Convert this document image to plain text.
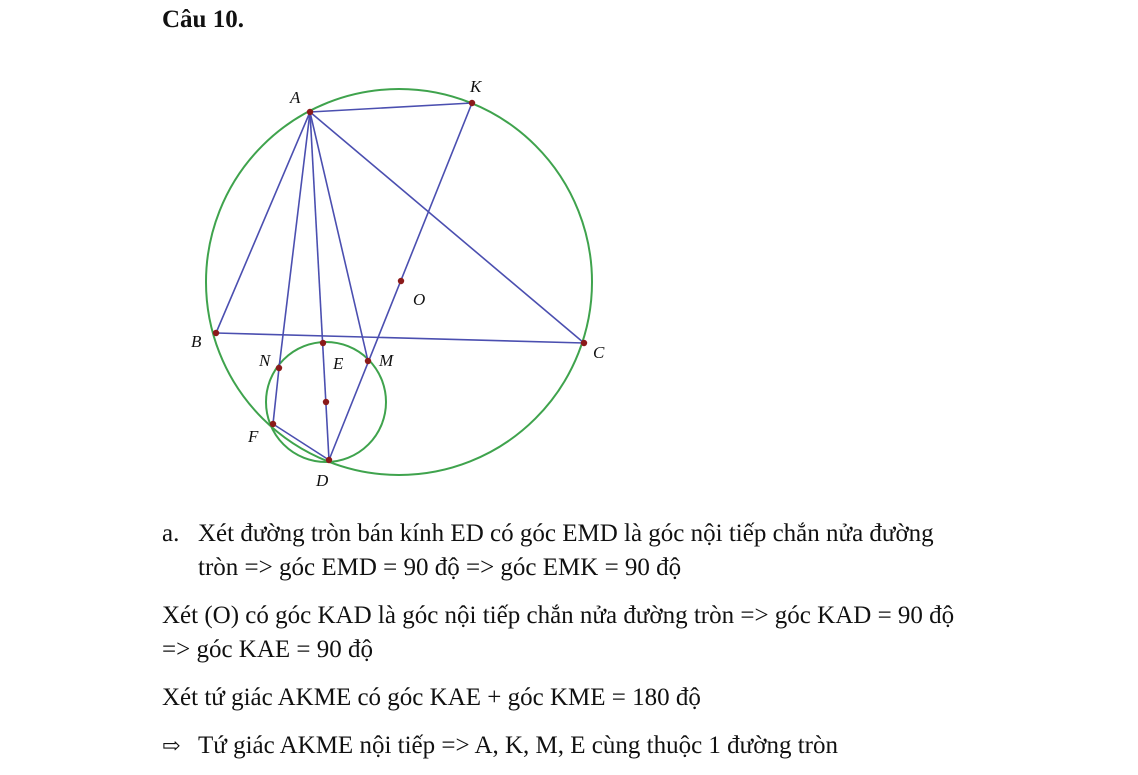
Câu 10.
A
K
O
B
C
N	E M
F
D

a. Xét đường tròn bán kính ED có góc EMD là góc nội tiếp chắn nửa đường

tròn => góc EMD = 90 độ => góc EMK = 90 độ

Xét (O) có góc KAD là góc nội tiếp chắn nửa đường tròn => góc KAD = 90 độ

=> góc KAE = 90 độ

Xét tứ giác AKME có góc KAE + góc KME = 180 độ

⇨ Tứ giác AKME nội tiếp => A, K, M, E cùng thuộc 1 đường tròn
